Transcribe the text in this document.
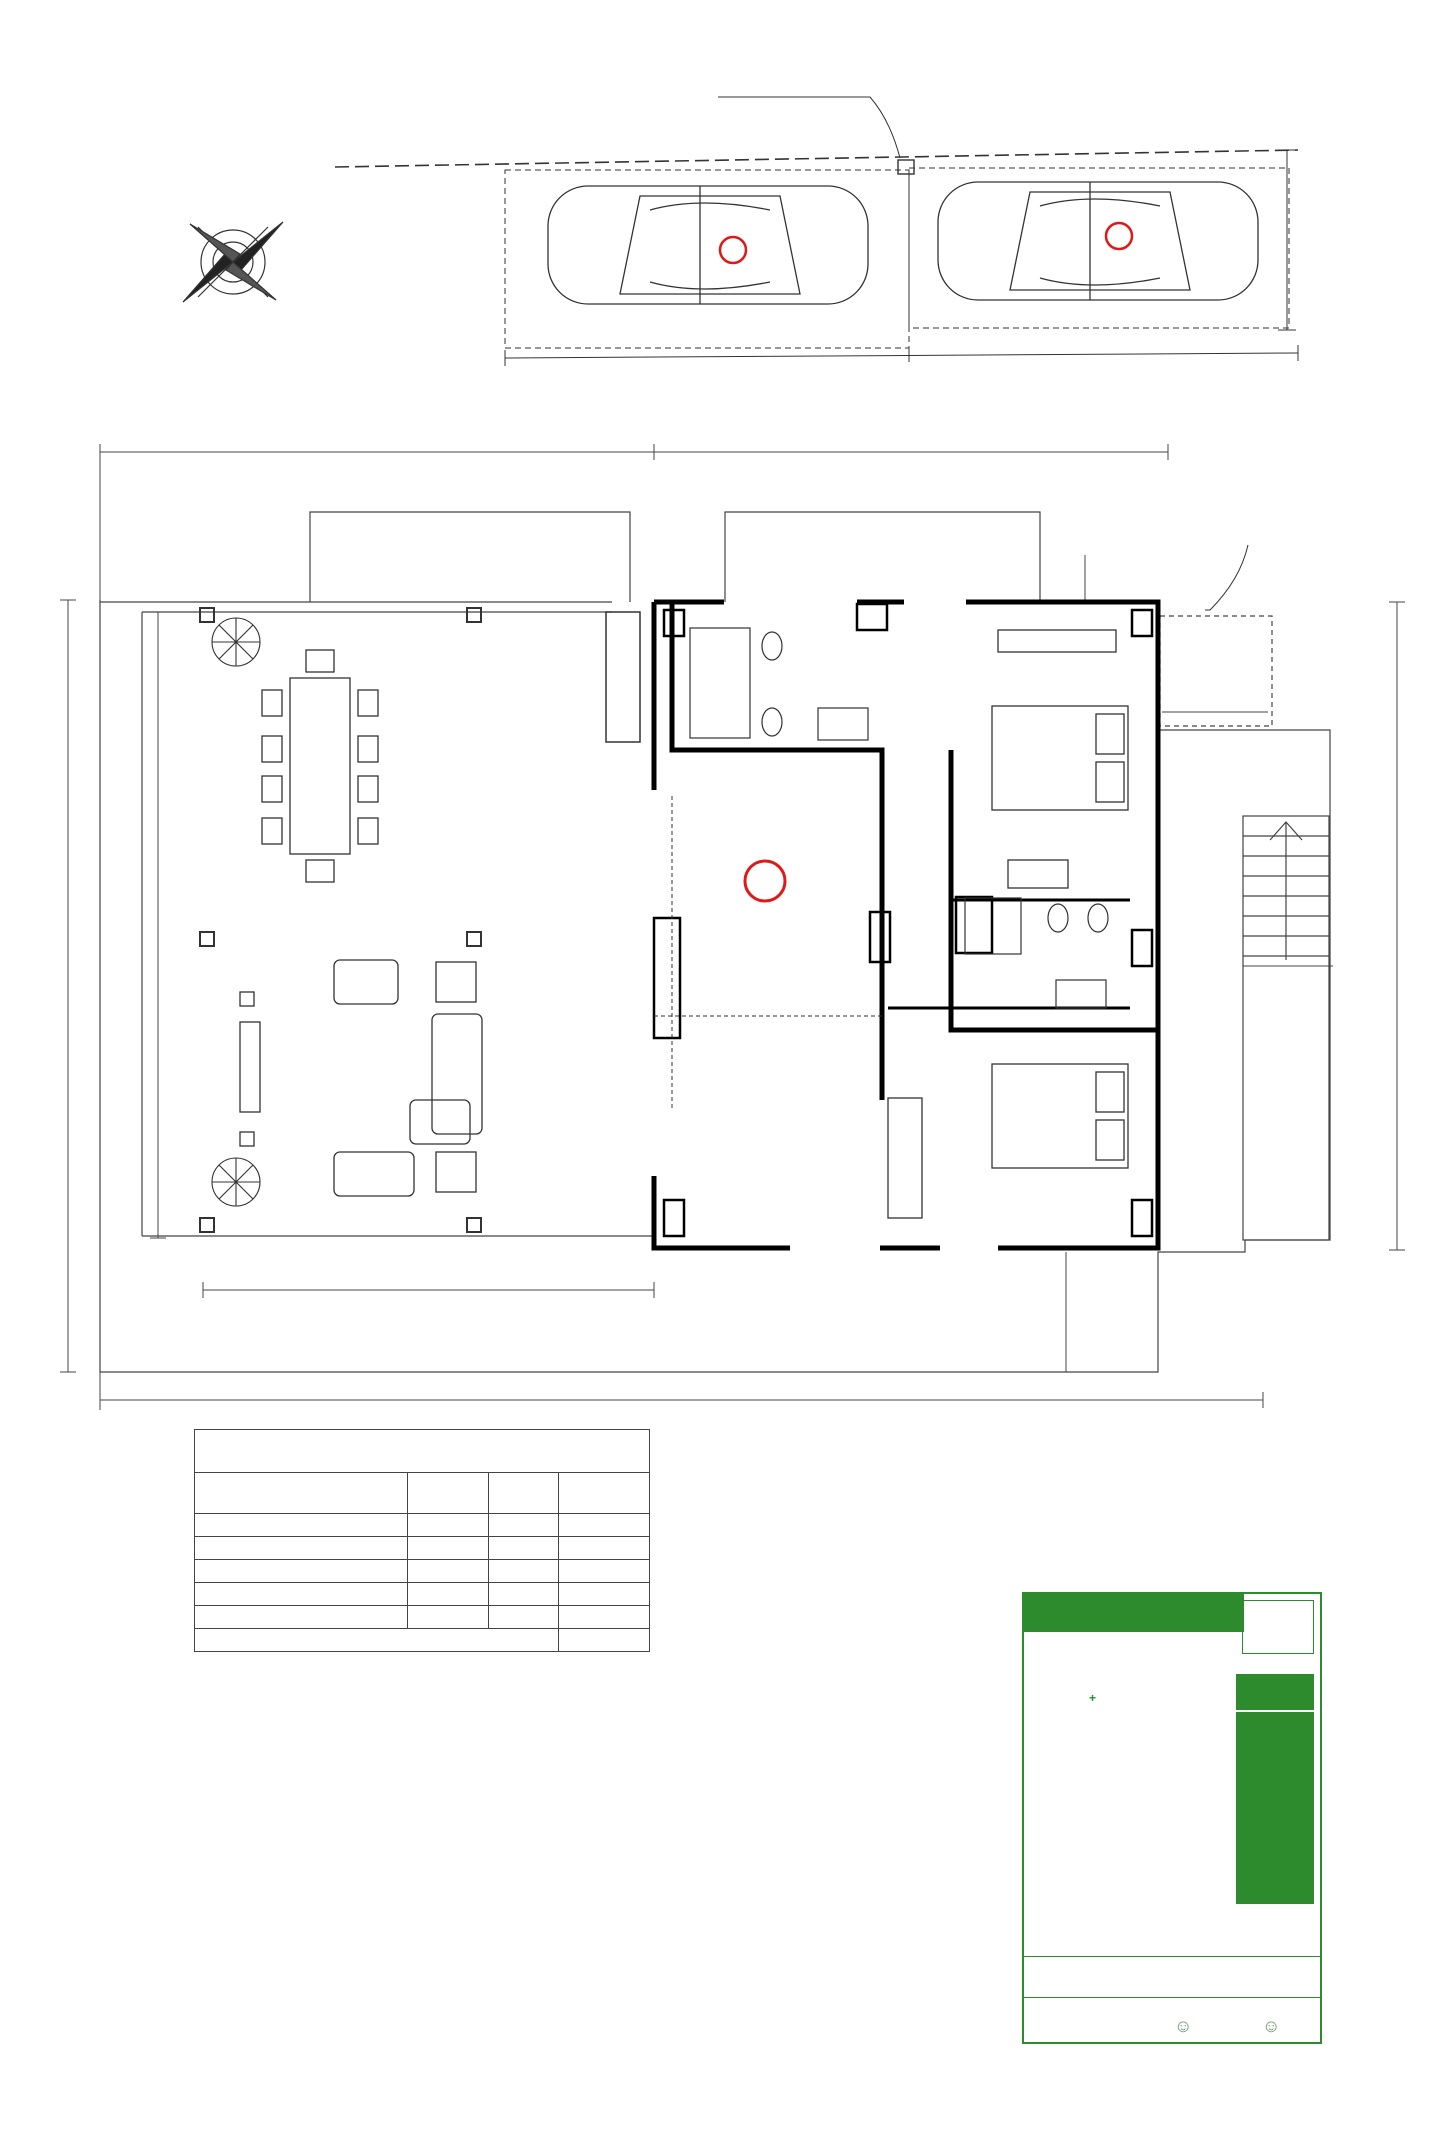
+
☺	☺
